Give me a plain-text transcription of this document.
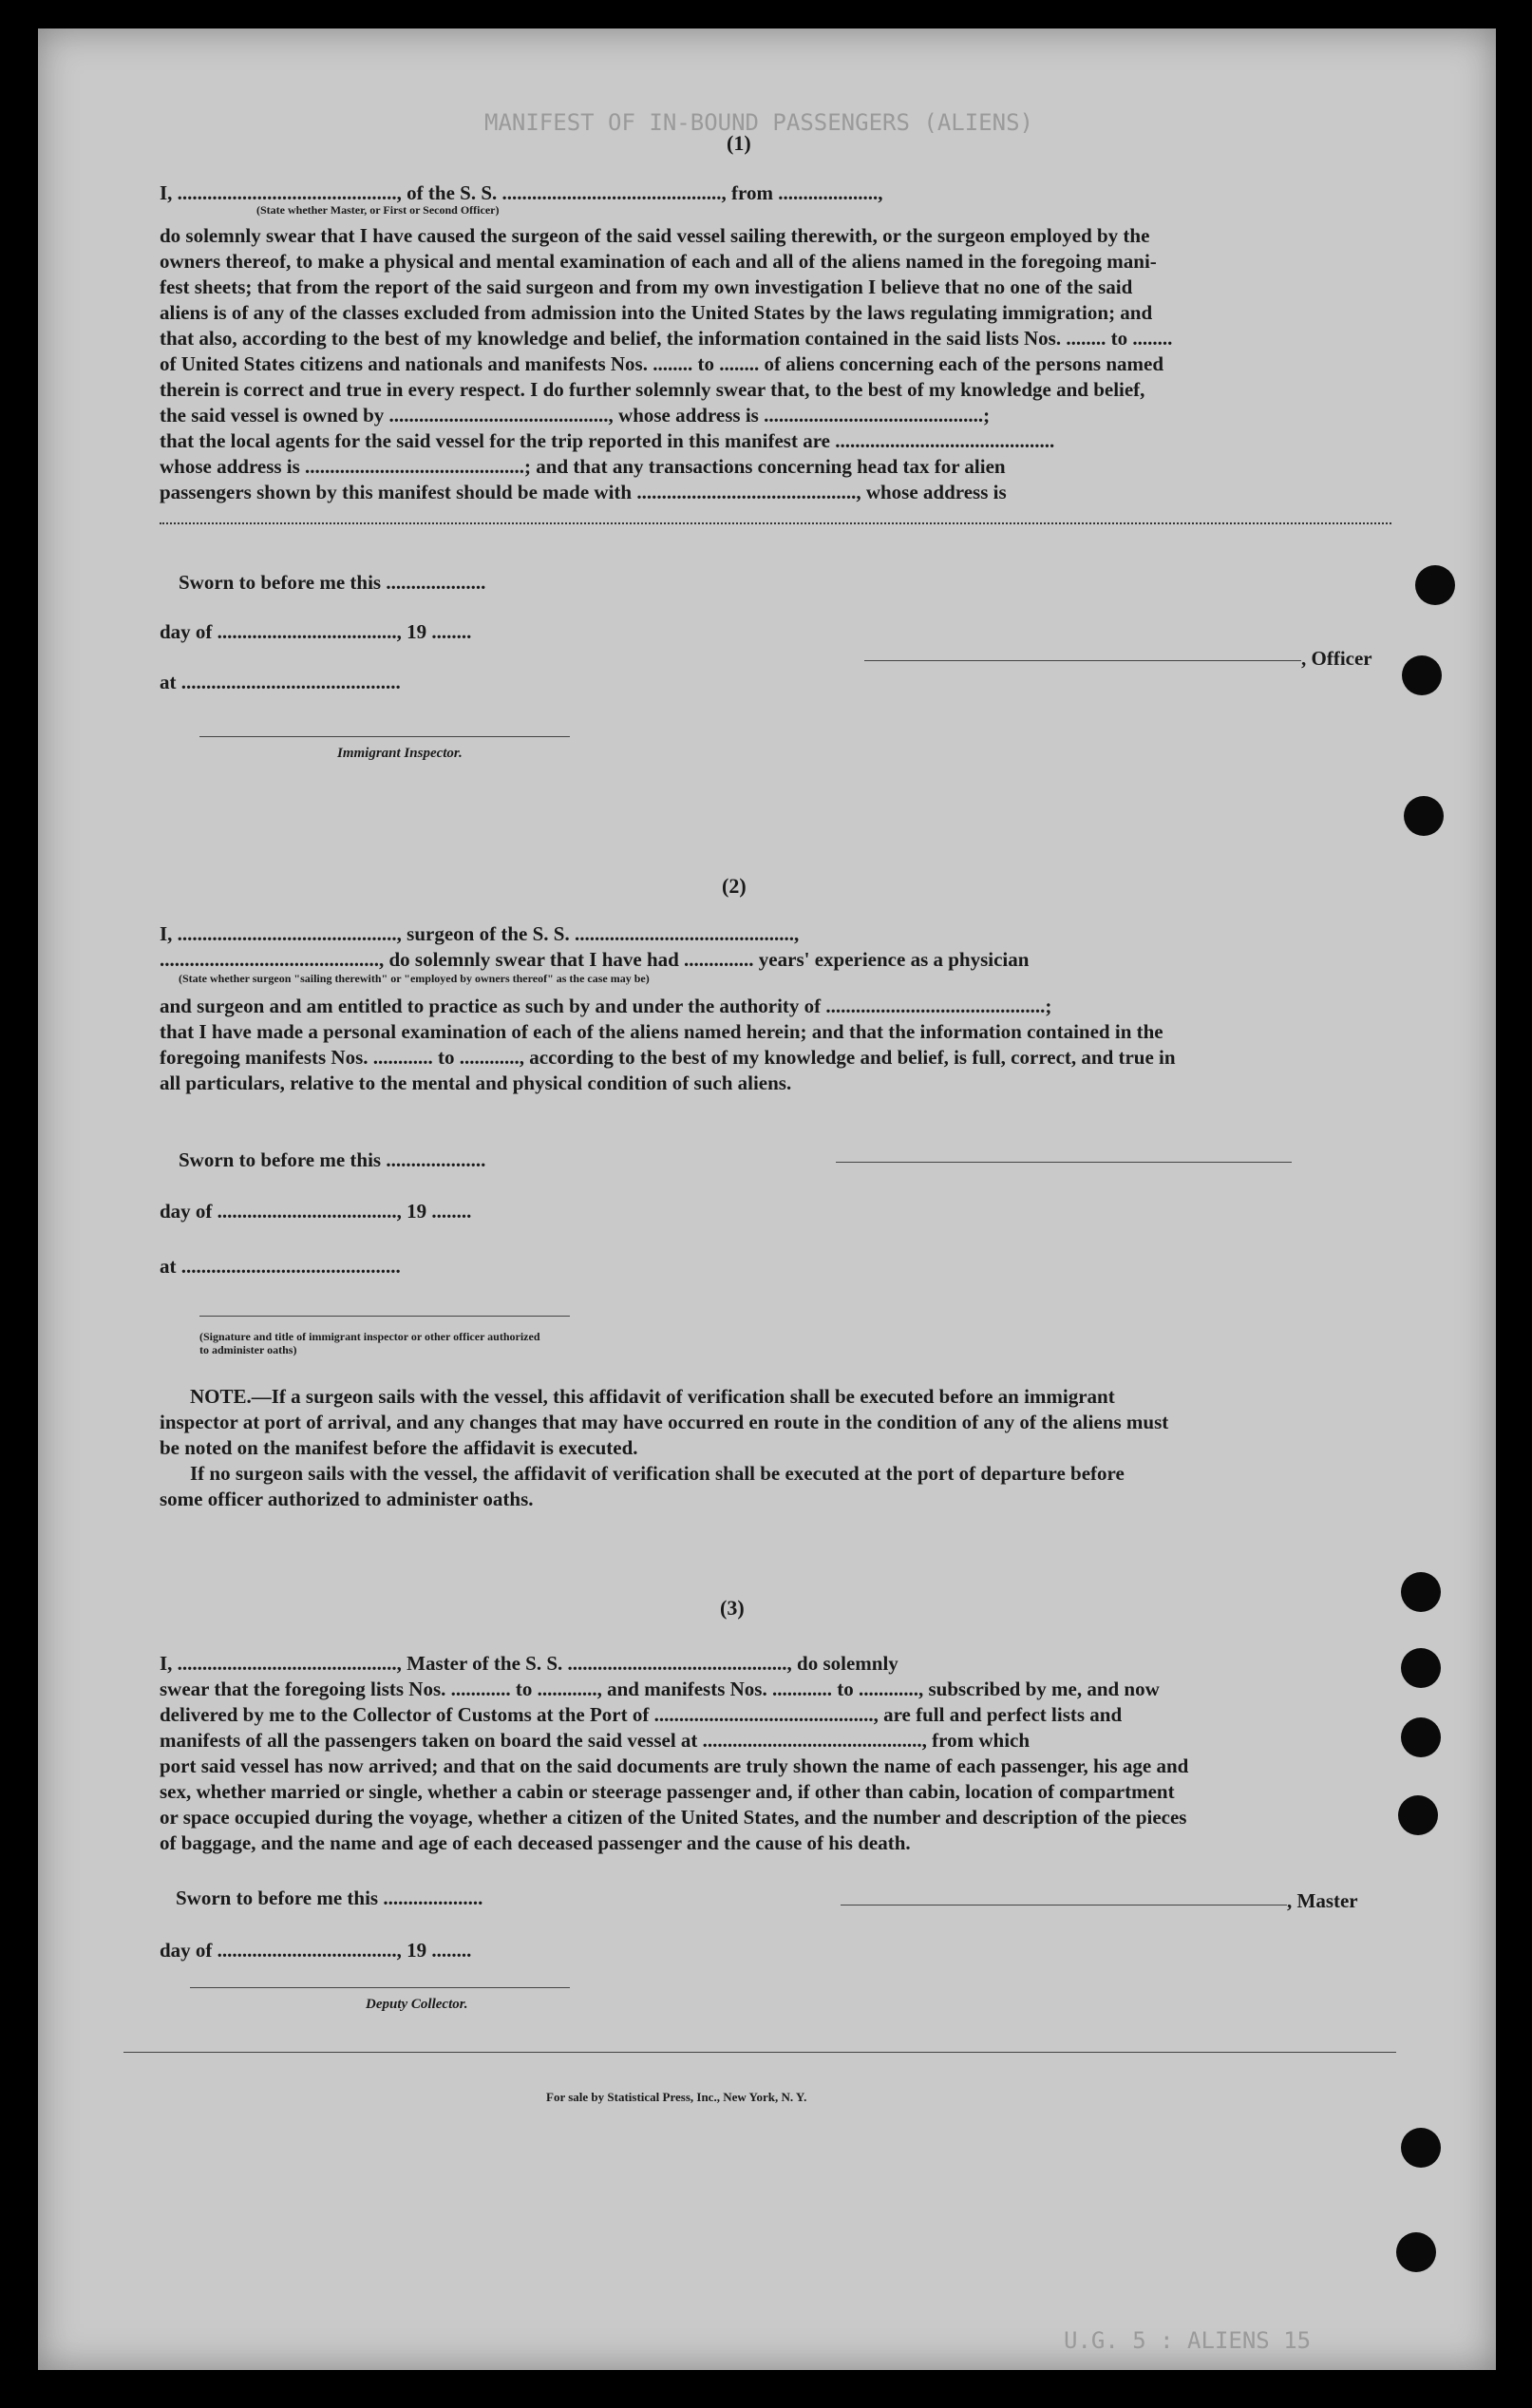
MANIFEST OF IN-BOUND PASSENGERS (ALIENS)
(1)
I, ............................................, of the S. S. ............................................, from ....................,
(State whether Master, or First or Second Officer)
do solemnly swear that I have caused the surgeon of the said vessel sailing therewith, or the surgeon employed by the
owners thereof, to make a physical and mental examination of each and all of the aliens named in the foregoing mani-
fest sheets; that from the report of the said surgeon and from my own investigation I believe that no one of the said
aliens is of any of the classes excluded from admission into the United States by the laws regulating immigration; and
that also, according to the best of my knowledge and belief, the information contained in the said lists Nos. ........ to ........
of United States citizens and nationals and manifests Nos. ........ to ........ of aliens concerning each of the persons named
therein is correct and true in every respect. I do further solemnly swear that, to the best of my knowledge and belief,
the said vessel is owned by ............................................, whose address is ............................................;
that the local agents for the said vessel for the trip reported in this manifest are ............................................
whose address is ............................................; and that any transactions concerning head tax for alien
passengers shown by this manifest should be made with ............................................, whose address is
Sworn to before me this ....................
day of ...................................., 19 ........
at ............................................
, Officer
Immigrant Inspector.
(2)
I, ............................................, surgeon of the S. S. ............................................,
............................................, do solemnly swear that I have had .............. years' experience as a physician
(State whether surgeon "sailing therewith" or "employed by owners thereof" as the case may be)
and surgeon and am entitled to practice as such by and under the authority of ............................................;
that I have made a personal examination of each of the aliens named herein; and that the information contained in the
foregoing manifests Nos. ............ to ............, according to the best of my knowledge and belief, is full, correct, and true in
all particulars, relative to the mental and physical condition of such aliens.
Sworn to before me this ....................
day of ...................................., 19 ........
at ............................................
(Signature and title of immigrant inspector or other officer authorized to administer oaths)
NOTE.—If a surgeon sails with the vessel, this affidavit of verification shall be executed before an immigrant
inspector at port of arrival, and any changes that may have occurred en route in the condition of any of the aliens must
be noted on the manifest before the affidavit is executed.
If no surgeon sails with the vessel, the affidavit of verification shall be executed at the port of departure before
some officer authorized to administer oaths.
(3)
I, ............................................, Master of the S. S. ............................................, do solemnly
swear that the foregoing lists Nos. ............ to ............, and manifests Nos. ............ to ............, subscribed by me, and now
delivered by me to the Collector of Customs at the Port of ............................................, are full and perfect lists and
manifests of all the passengers taken on board the said vessel at ............................................, from which
port said vessel has now arrived; and that on the said documents are truly shown the name of each passenger, his age and
sex, whether married or single, whether a cabin or steerage passenger and, if other than cabin, location of compartment
or space occupied during the voyage, whether a citizen of the United States, and the number and description of the pieces
of baggage, and the name and age of each deceased passenger and the cause of his death.
Sworn to before me this ....................	, Master
day of ...................................., 19 ........
Deputy Collector.
For sale by Statistical Press, Inc., New York, N. Y.
U.G. 5 : ALIENS 15
